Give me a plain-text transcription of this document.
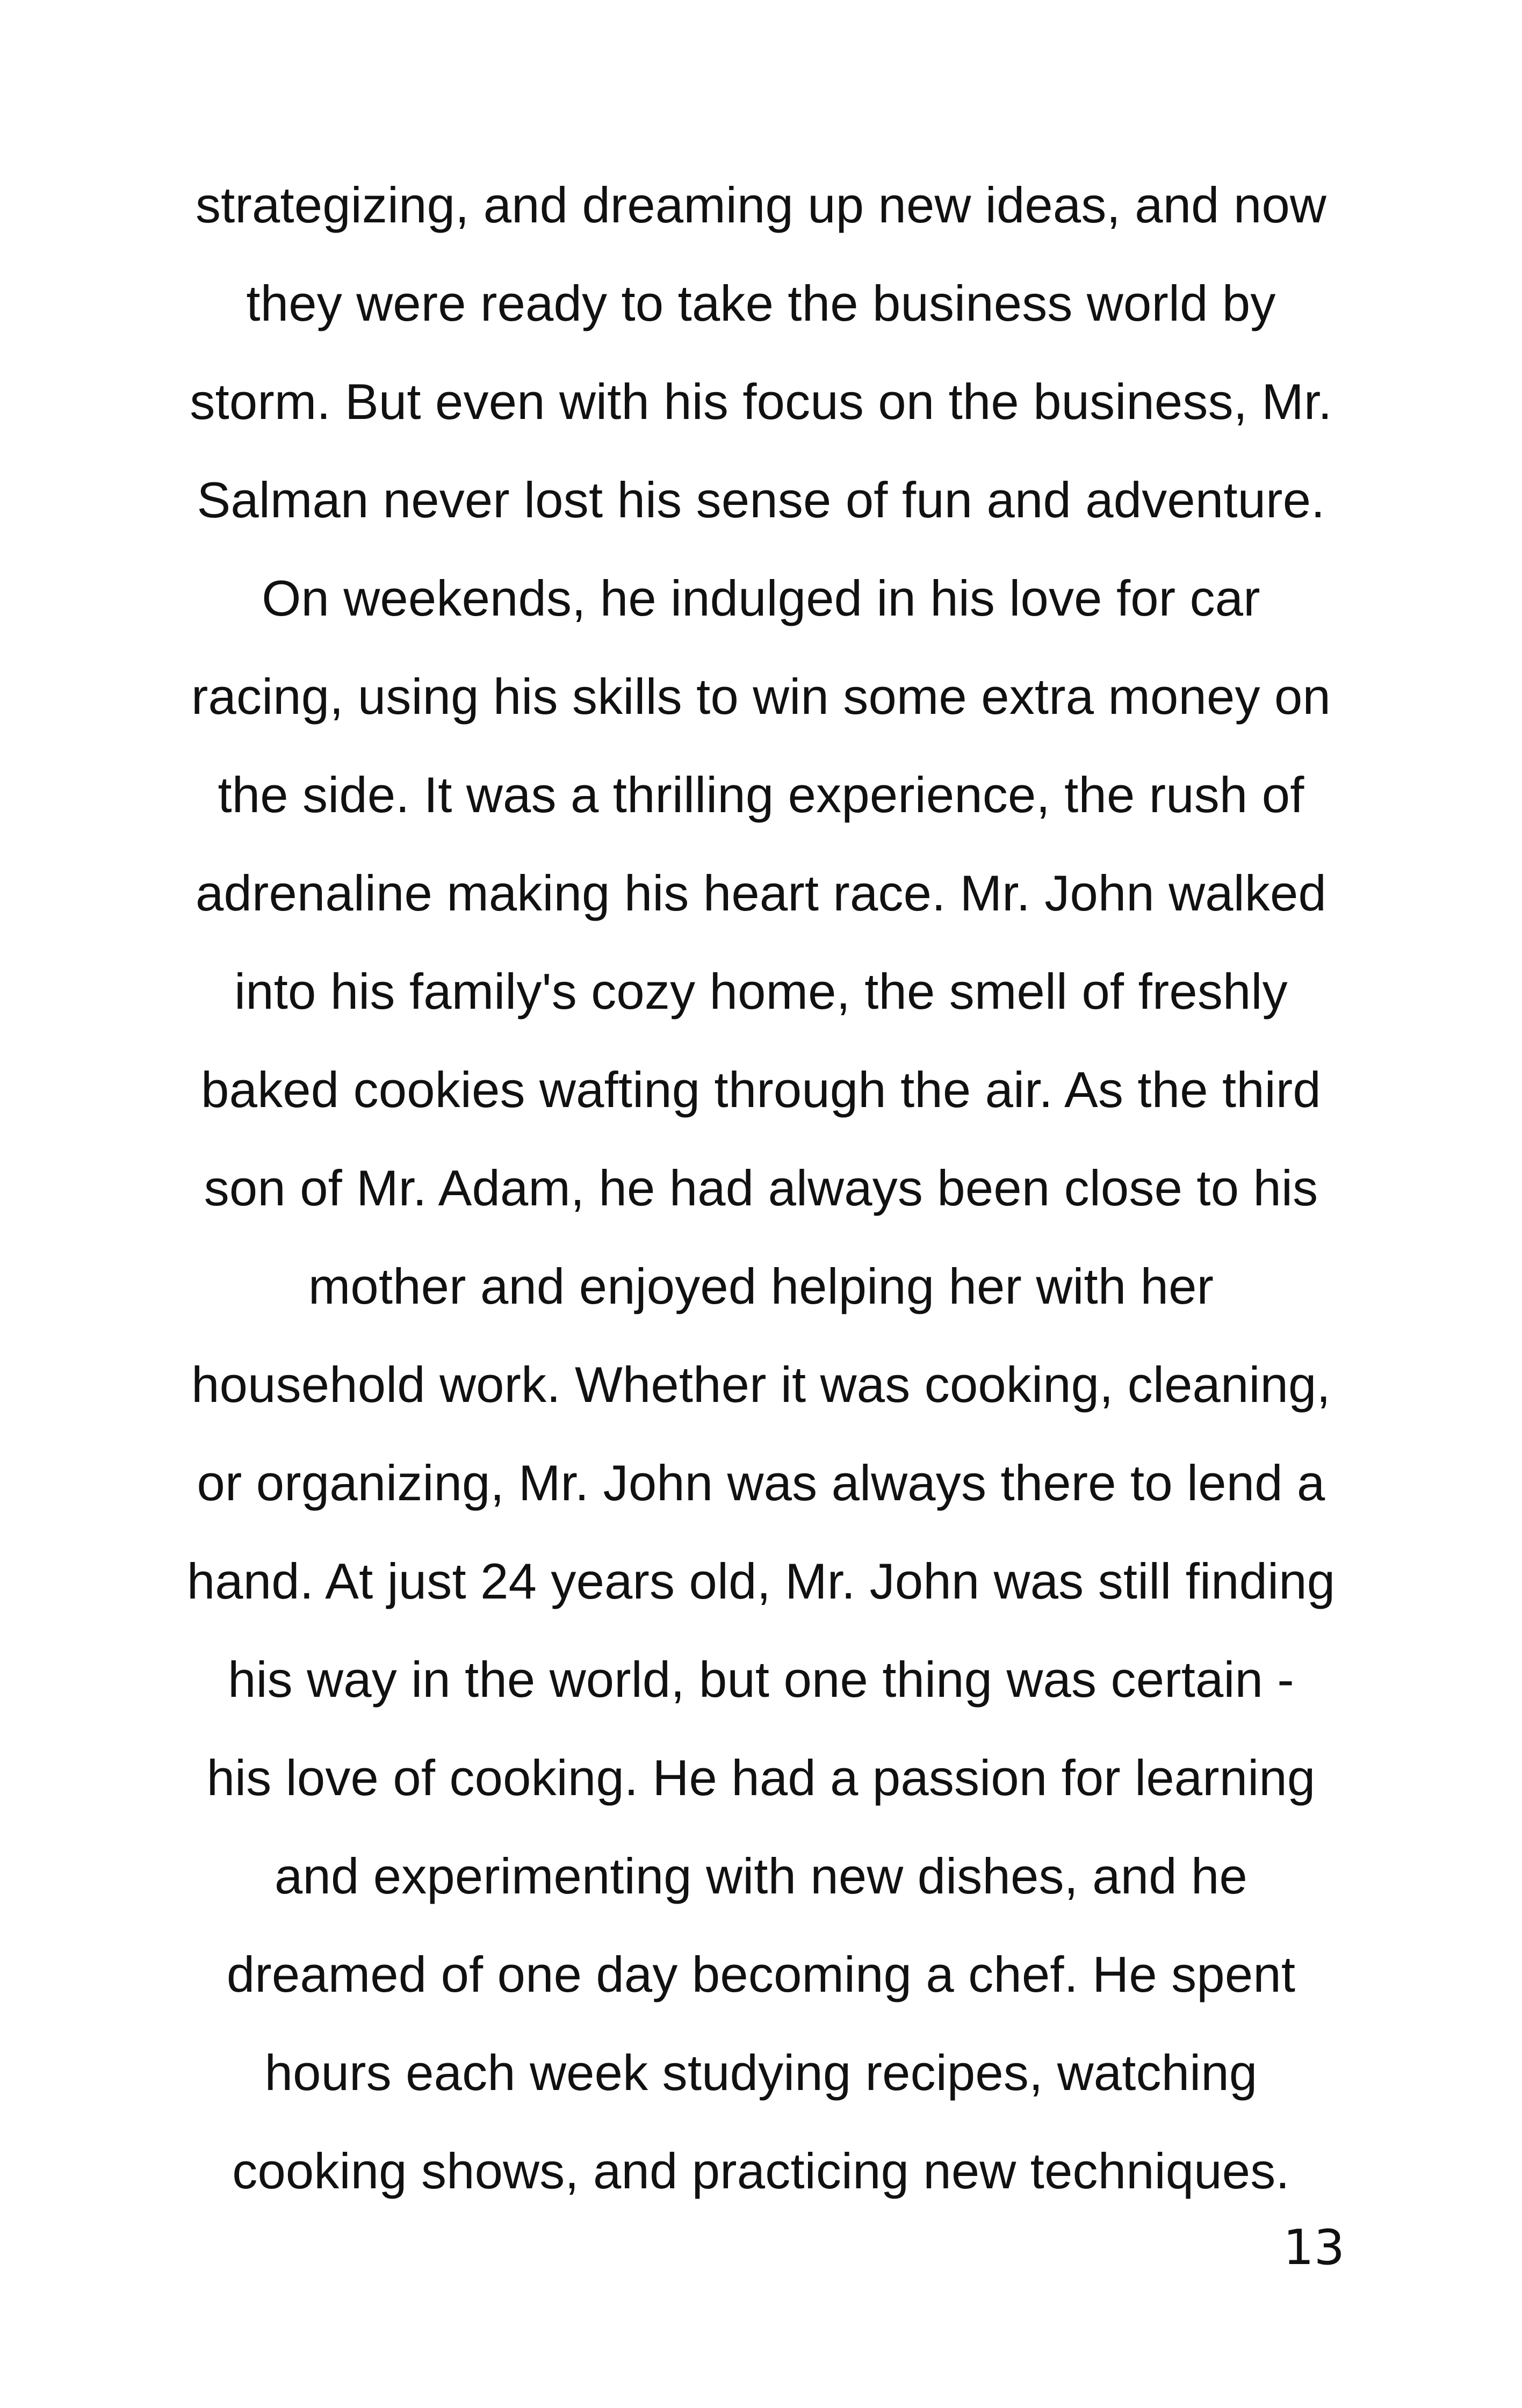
strategizing, and dreaming up new ideas, and now
they were ready to take the business world by
storm. But even with his focus on the business, Mr.
Salman never lost his sense of fun and adventure.
On weekends, he indulged in his love for car
racing, using his skills to win some extra money on
the side. It was a thrilling experience, the rush of
adrenaline making his heart race. Mr. John walked
into his family's cozy home, the smell of freshly
baked cookies wafting through the air. As the third
son of Mr. Adam, he had always been close to his
mother and enjoyed helping her with her
household work. Whether it was cooking, cleaning,
or organizing, Mr. John was always there to lend a
hand. At just 24 years old, Mr. John was still finding
his way in the world, but one thing was certain -
his love of cooking. He had a passion for learning
and experimenting with new dishes, and he
dreamed of one day becoming a chef. He spent
hours each week studying recipes, watching
cooking shows, and practicing new techniques.
13
